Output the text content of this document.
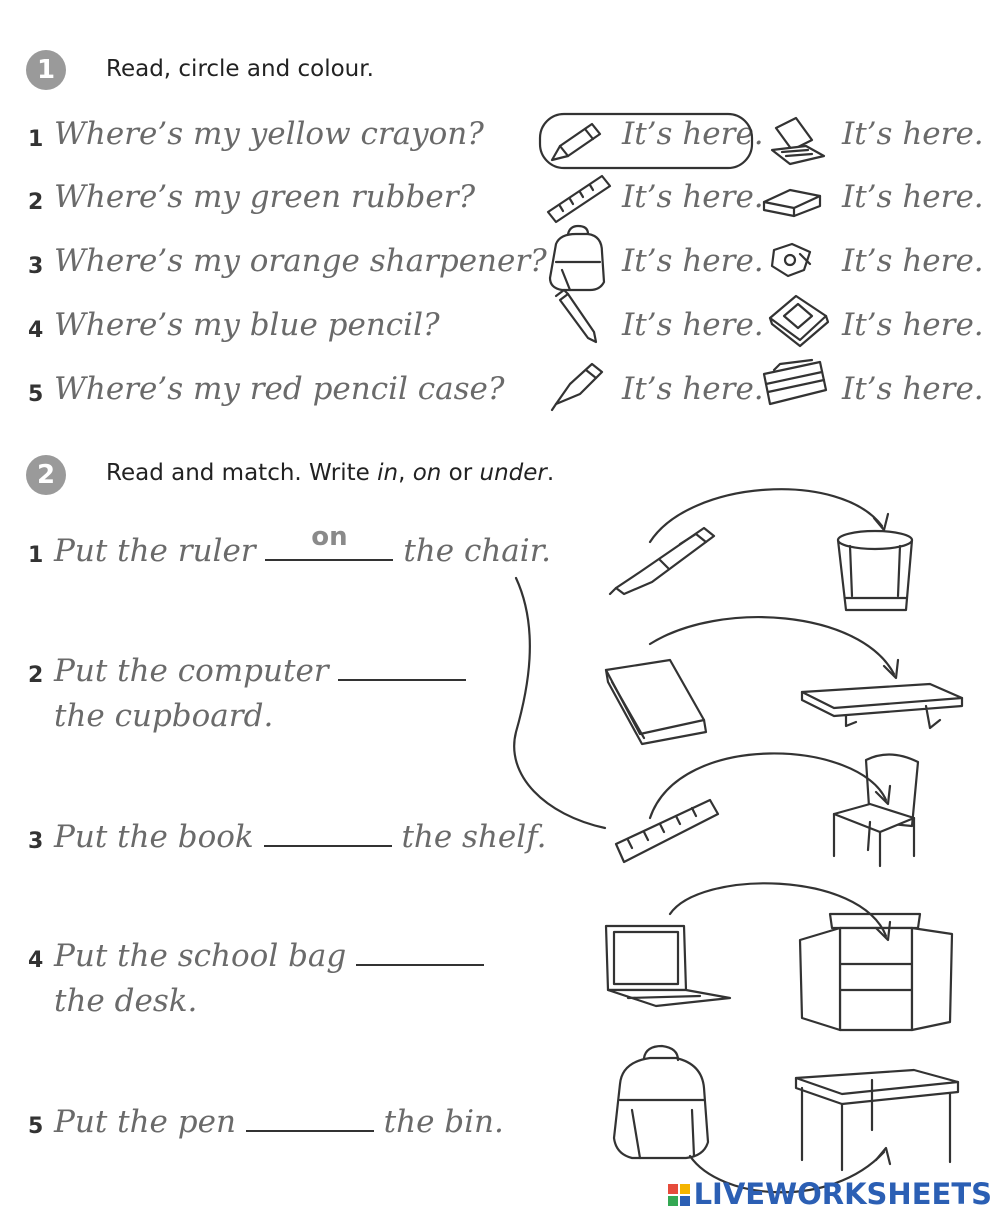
1	Read, circle and colour.
1 Where’s my yellow crayon?	It’s here.	It’s here.
2 Where’s my green rubber?	It’s here.	It’s here.
3 Where’s my orange sharpener? It’s here.	It’s here.
4 Where’s my blue pencil?	It’s here.	It’s here.
5 Where’s my red pencil case?	It’s here.	It’s here.
2	Read and match. Write in, on or under.
1 Put the ruler	on	the chair.
2 Put the computer
the cupboard.
3 Put the book	the shelf.
4 Put the school bag
the desk.
5 Put the pen	the bin.
LIVEWORKSHEETS
